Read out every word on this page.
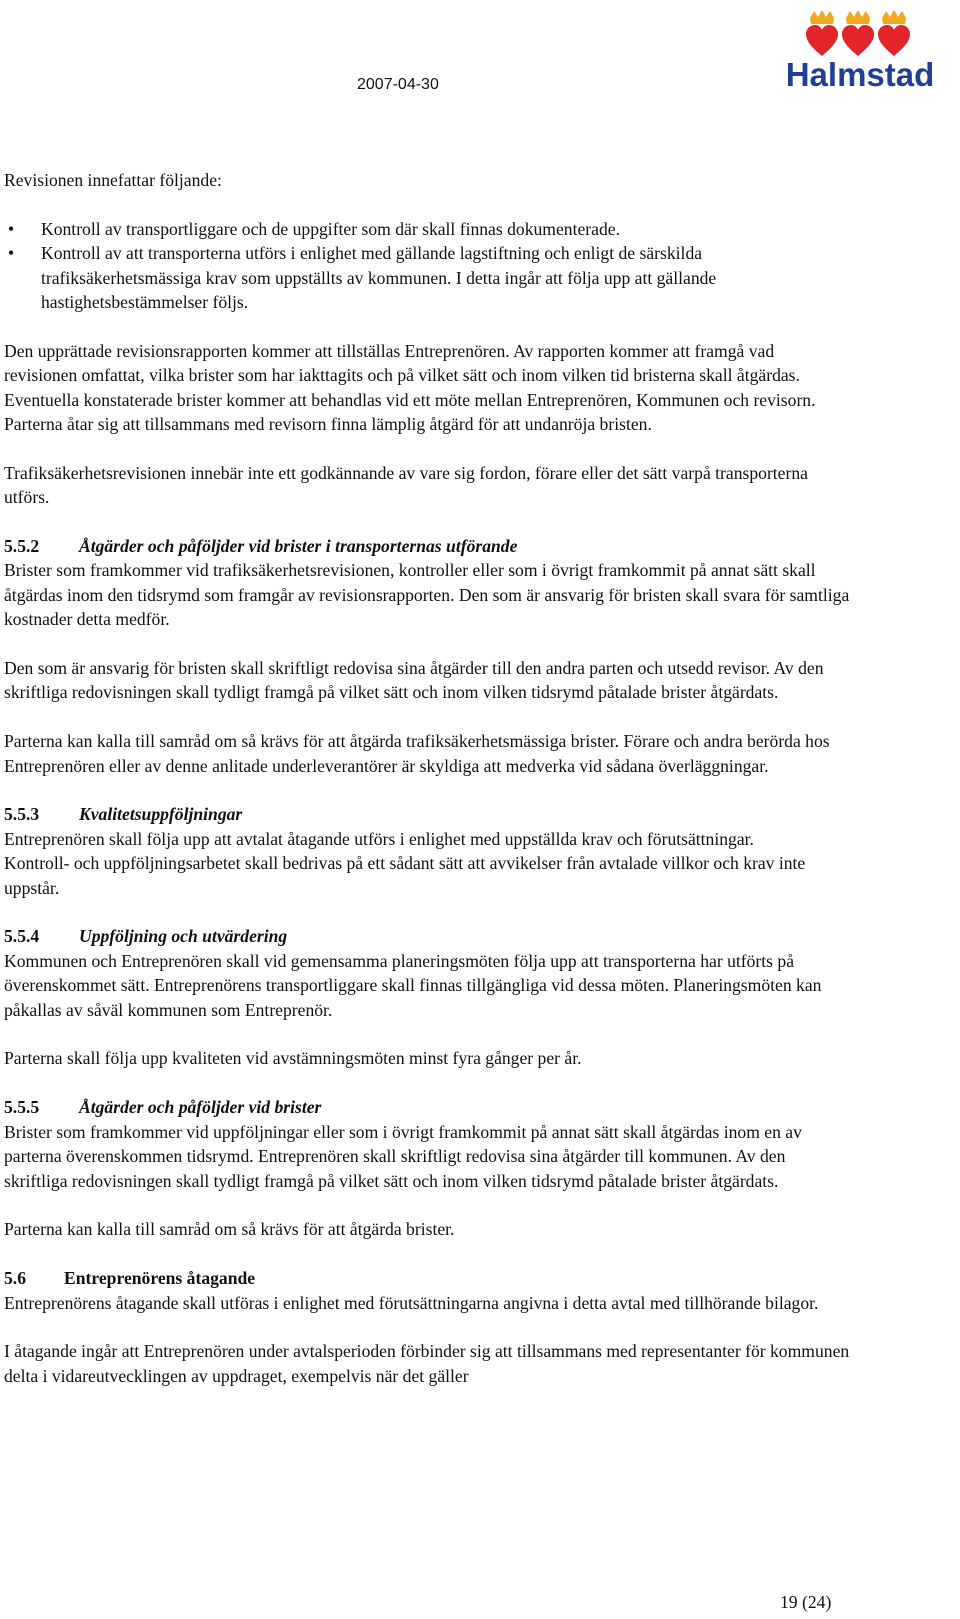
2007-04-30	Halmstad

Revisionen innefattar följande:

• Kontroll av transportliggare och de uppgifter som där skall finnas dokumenterade.
• Kontroll av att transporterna utförs i enlighet med gällande lagstiftning och enligt de särskilda trafiksäkerhetsmässiga krav som uppställts av kommunen. I detta ingår att följa upp att gällande hastighetsbestämmelser följs.

Den upprättade revisionsrapporten kommer att tillställas Entreprenören. Av rapporten kommer att framgå vad revisionen omfattat, vilka brister som har iakttagits och på vilket sätt och inom vilken tid bristerna skall åtgärdas. Eventuella konstaterade brister kommer att behandlas vid ett möte mellan Entreprenören, Kommunen och revisorn. Parterna åtar sig att tillsammans med revisorn finna lämplig åtgärd för att undanröja bristen.

Trafiksäkerhetsrevisionen innebär inte ett godkännande av vare sig fordon, förare eller det sätt varpå transporterna utförs.

5.5.2 Åtgärder och påföljder vid brister i transporternas utförande

Brister som framkommer vid trafiksäkerhetsrevisionen, kontroller eller som i övrigt framkommit på annat sätt skall åtgärdas inom den tidsrymd som framgår av revisionsrapporten. Den som är ansvarig för bristen skall svara för samtliga kostnader detta medför.

Den som är ansvarig för bristen skall skriftligt redovisa sina åtgärder till den andra parten och utsedd revisor. Av den skriftliga redovisningen skall tydligt framgå på vilket sätt och inom vilken tidsrymd påtalade brister åtgärdats.

Parterna kan kalla till samråd om så krävs för att åtgärda trafiksäkerhetsmässiga brister. Förare och andra berörda hos Entreprenören eller av denne anlitade underleverantörer är skyldiga att medverka vid sådana överläggningar.

5.5.3 Kvalitetsuppföljningar

Entreprenören skall följa upp att avtalat åtagande utförs i enlighet med uppställda krav och förutsättningar.

Kontroll- och uppföljningsarbetet skall bedrivas på ett sådant sätt att avvikelser från avtalade villkor och krav inte uppstår.

5.5.4 Uppföljning och utvärdering

Kommunen och Entreprenören skall vid gemensamma planeringsmöten följa upp att transporterna har utförts på överenskommet sätt. Entreprenörens transportliggare skall finnas tillgängliga vid dessa möten. Planeringsmöten kan påkallas av såväl kommunen som Entreprenör.

Parterna skall följa upp kvaliteten vid avstämningsmöten minst fyra gånger per år.

5.5.5 Åtgärder och påföljder vid brister

Brister som framkommer vid uppföljningar eller som i övrigt framkommit på annat sätt skall åtgärdas inom en av parterna överenskommen tidsrymd. Entreprenören skall skriftligt redovisa sina åtgärder till kommunen. Av den skriftliga redovisningen skall tydligt framgå på vilket sätt och inom vilken tidsrymd påtalade brister åtgärdats.

Parterna kan kalla till samråd om så krävs för att åtgärda brister.

5.6 Entreprenörens åtagande

Entreprenörens åtagande skall utföras i enlighet med förutsättningarna angivna i detta avtal med tillhörande bilagor.

I åtagande ingår att Entreprenören under avtalsperioden förbinder sig att tillsammans med representanter för kommunen delta i vidareutvecklingen av uppdraget, exempelvis när det gäller

19 (24)
